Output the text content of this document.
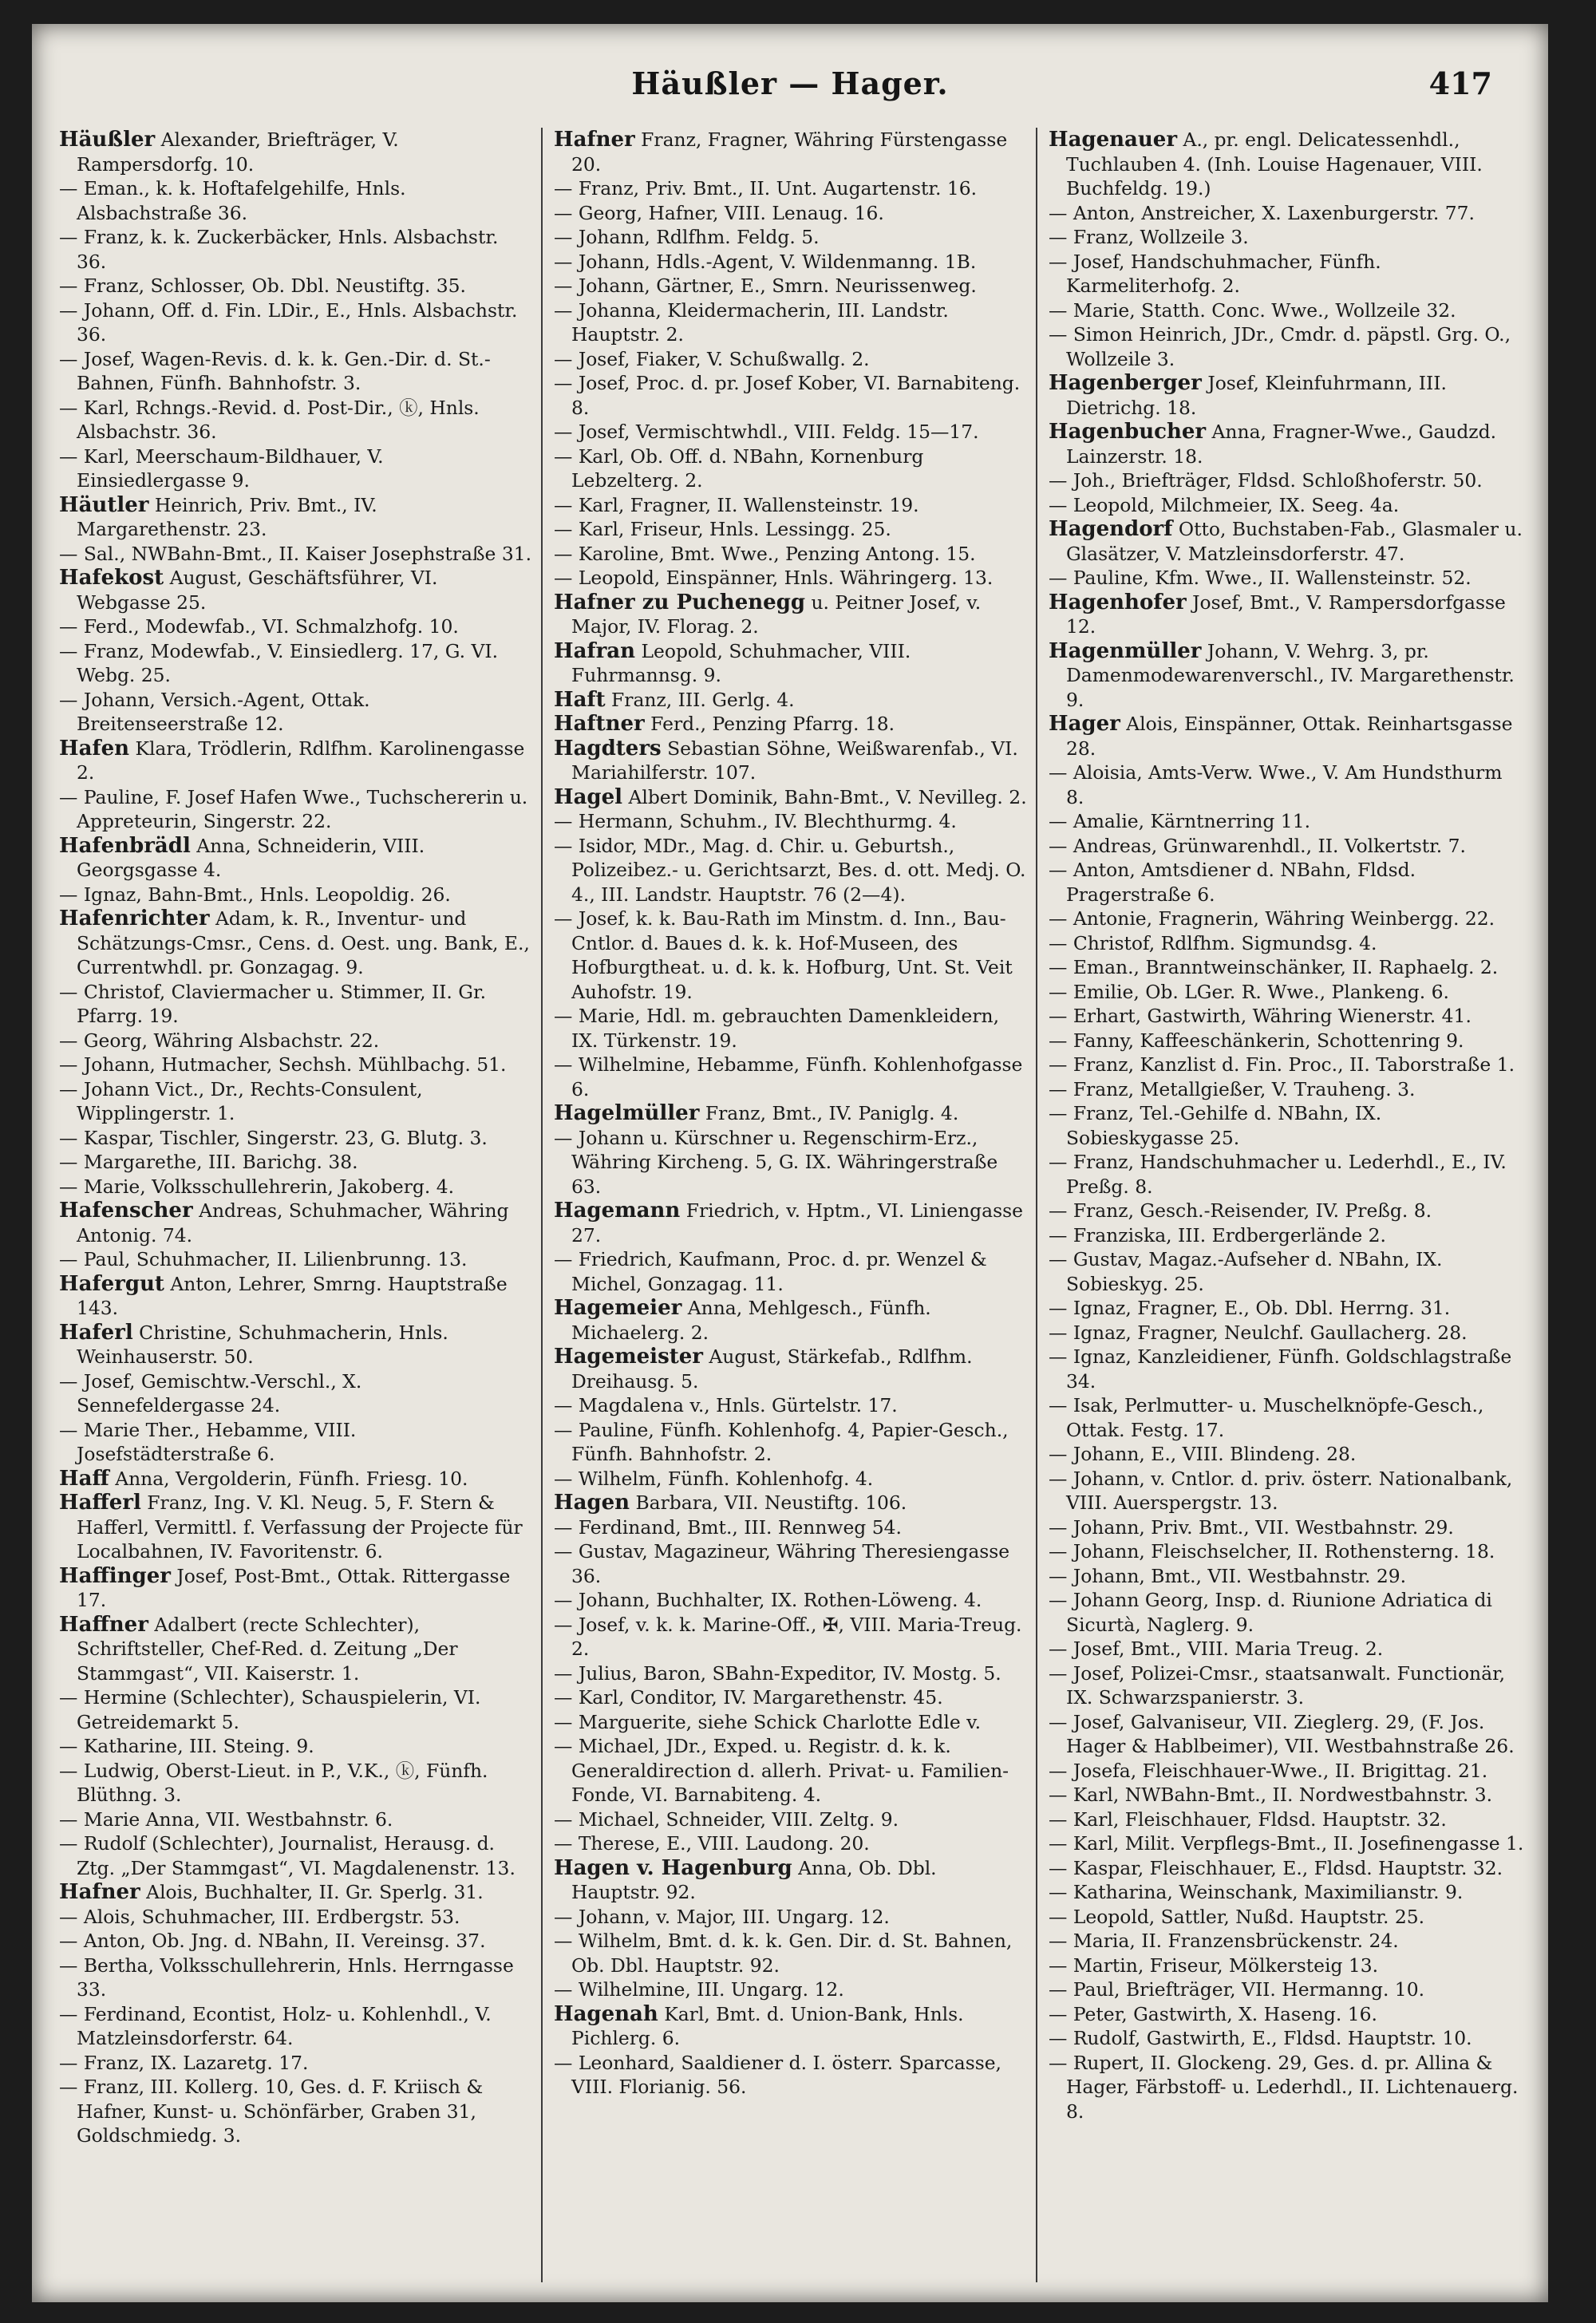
Häußler — Hager.	417
Häußler Alexander, Briefträger, V. Rampersdorfg. 10.
— Eman., k. k. Hoftafelgehilfe, Hnls. Alsbachstraße 36.
— Franz, k. k. Zuckerbäcker, Hnls. Alsbachstr. 36.
— Franz, Schlosser, Ob. Dbl. Neustiftg. 35.
— Johann, Off. d. Fin. LDir., E., Hnls. Alsbachstr. 36.
— Josef, Wagen-Revis. d. k. k. Gen.-Dir. d. St.-Bahnen, Fünfh. Bahnhofstr. 3.
— Karl, Rchngs.-Revid. d. Post-Dir., ⓚ, Hnls. Alsbachstr. 36.
— Karl, Meerschaum-Bildhauer, V. Einsiedlergasse 9.
Häutler Heinrich, Priv. Bmt., IV. Margarethenstr. 23.
— Sal., NWBahn-Bmt., II. Kaiser Josephstraße 31.
Hafekost August, Geschäftsführer, VI. Webgasse 25.
— Ferd., Modewfab., VI. Schmalzhofg. 10.
— Franz, Modewfab., V. Einsiedlerg. 17, G. VI. Webg. 25.
— Johann, Versich.-Agent, Ottak. Breitenseerstraße 12.
Hafen Klara, Trödlerin, Rdlfhm. Karolinengasse 2.
— Pauline, F. Josef Hafen Wwe., Tuchschererin u. Appreteurin, Singerstr. 22.
Hafenbrädl Anna, Schneiderin, VIII. Georgsgasse 4.
— Ignaz, Bahn-Bmt., Hnls. Leopoldig. 26.
Hafenrichter Adam, k. R., Inventur- und Schätzungs-Cmsr., Cens. d. Oest. ung. Bank, E., Currentwhdl. pr. Gonzagag. 9.
— Christof, Claviermacher u. Stimmer, II. Gr. Pfarrg. 19.
— Georg, Währing Alsbachstr. 22.
— Johann, Hutmacher, Sechsh. Mühlbachg. 51.
— Johann Vict., Dr., Rechts-Consulent, Wipplingerstr. 1.
— Kaspar, Tischler, Singerstr. 23, G. Blutg. 3.
— Margarethe, III. Barichg. 38.
— Marie, Volksschullehrerin, Jakoberg. 4.
Hafenscher Andreas, Schuhmacher, Währing Antonig. 74.
— Paul, Schuhmacher, II. Lilienbrunng. 13.
Hafergut Anton, Lehrer, Smrng. Hauptstraße 143.
Haferl Christine, Schuhmacherin, Hnls. Weinhauserstr. 50.
— Josef, Gemischtw.-Verschl., X. Sennefeldergasse 24.
— Marie Ther., Hebamme, VIII. Josefstädterstraße 6.
Haff Anna, Vergolderin, Fünfh. Friesg. 10.
Hafferl Franz, Ing. V. Kl. Neug. 5, F. Stern & Hafferl, Vermittl. f. Verfassung der Projecte für Localbahnen, IV. Favoritenstr. 6.
Haffinger Josef, Post-Bmt., Ottak. Rittergasse 17.
Haffner Adalbert (recte Schlechter), Schriftsteller, Chef-Red. d. Zeitung „Der Stammgast“, VII. Kaiserstr. 1.
— Hermine (Schlechter), Schauspielerin, VI. Getreidemarkt 5.
— Katharine, III. Steing. 9.
— Ludwig, Oberst-Lieut. in P., V.K., ⓚ, Fünfh. Blüthng. 3.
— Marie Anna, VII. Westbahnstr. 6.
— Rudolf (Schlechter), Journalist, Herausg. d. Ztg. „Der Stammgast“, VI. Magdalenenstr. 13.
Hafner Alois, Buchhalter, II. Gr. Sperlg. 31.
— Alois, Schuhmacher, III. Erdbergstr. 53.
— Anton, Ob. Jng. d. NBahn, II. Vereinsg. 37.
— Bertha, Volksschullehrerin, Hnls. Herrngasse 33.
— Ferdinand, Econtist, Holz- u. Kohlenhdl., V. Matzleinsdorferstr. 64.
— Franz, IX. Lazaretg. 17.
— Franz, III. Kollerg. 10, Ges. d. F. Kriisch & Hafner, Kunst- u. Schönfärber, Graben 31, Goldschmiedg. 3.
Hafner Franz, Fragner, Währing Fürstengasse 20.
— Franz, Priv. Bmt., II. Unt. Augartenstr. 16.
— Georg, Hafner, VIII. Lenaug. 16.
— Johann, Rdlfhm. Feldg. 5.
— Johann, Hdls.-Agent, V. Wildenmanng. 1B.
— Johann, Gärtner, E., Smrn. Neurissenweg.
— Johanna, Kleidermacherin, III. Landstr. Hauptstr. 2.
— Josef, Fiaker, V. Schußwallg. 2.
— Josef, Proc. d. pr. Josef Kober, VI. Barnabiteng. 8.
— Josef, Vermischtwhdl., VIII. Feldg. 15—17.
— Karl, Ob. Off. d. NBahn, Kornenburg Lebzelterg. 2.
— Karl, Fragner, II. Wallensteinstr. 19.
— Karl, Friseur, Hnls. Lessingg. 25.
— Karoline, Bmt. Wwe., Penzing Antong. 15.
— Leopold, Einspänner, Hnls. Währingerg. 13.
Hafner zu Puchenegg u. Peitner Josef, v. Major, IV. Florag. 2.
Hafran Leopold, Schuhmacher, VIII. Fuhrmannsg. 9.
Haft Franz, III. Gerlg. 4.
Haftner Ferd., Penzing Pfarrg. 18.
Hagdters Sebastian Söhne, Weißwarenfab., VI. Mariahilferstr. 107.
Hagel Albert Dominik, Bahn-Bmt., V. Nevilleg. 2.
— Hermann, Schuhm., IV. Blechthurmg. 4.
— Isidor, MDr., Mag. d. Chir. u. Geburtsh., Polizeibez.- u. Gerichtsarzt, Bes. d. ott. Medj. O. 4., III. Landstr. Hauptstr. 76 (2—4).
— Josef, k. k. Bau-Rath im Minstm. d. Inn., Bau-Cntlor. d. Baues d. k. k. Hof-Museen, des Hofburgtheat. u. d. k. k. Hofburg, Unt. St. Veit Auhofstr. 19.
— Marie, Hdl. m. gebrauchten Damenkleidern, IX. Türkenstr. 19.
— Wilhelmine, Hebamme, Fünfh. Kohlenhofgasse 6.
Hagelmüller Franz, Bmt., IV. Paniglg. 4.
— Johann u. Kürschner u. Regenschirm-Erz., Währing Kircheng. 5, G. IX. Währingerstraße 63.
Hagemann Friedrich, v. Hptm., VI. Liniengasse 27.
— Friedrich, Kaufmann, Proc. d. pr. Wenzel & Michel, Gonzagag. 11.
Hagemeier Anna, Mehlgesch., Fünfh. Michaelerg. 2.
Hagemeister August, Stärkefab., Rdlfhm. Dreihausg. 5.
— Magdalena v., Hnls. Gürtelstr. 17.
— Pauline, Fünfh. Kohlenhofg. 4, Papier-Gesch., Fünfh. Bahnhofstr. 2.
— Wilhelm, Fünfh. Kohlenhofg. 4.
Hagen Barbara, VII. Neustiftg. 106.
— Ferdinand, Bmt., III. Rennweg 54.
— Gustav, Magazineur, Währing Theresiengasse 36.
— Johann, Buchhalter, IX. Rothen-Löweng. 4.
— Josef, v. k. k. Marine-Off., ✠, VIII. Maria-Treug. 2.
— Julius, Baron, SBahn-Expeditor, IV. Mostg. 5.
— Karl, Conditor, IV. Margarethenstr. 45.
— Marguerite, siehe Schick Charlotte Edle v.
— Michael, JDr., Exped. u. Registr. d. k. k. Generaldirection d. allerh. Privat- u. Familien-Fonde, VI. Barnabiteng. 4.
— Michael, Schneider, VIII. Zeltg. 9.
— Therese, E., VIII. Laudong. 20.
Hagen v. Hagenburg Anna, Ob. Dbl. Hauptstr. 92.
— Johann, v. Major, III. Ungarg. 12.
— Wilhelm, Bmt. d. k. k. Gen. Dir. d. St. Bahnen, Ob. Dbl. Hauptstr. 92.
— Wilhelmine, III. Ungarg. 12.
Hagenah Karl, Bmt. d. Union-Bank, Hnls. Pichlerg. 6.
— Leonhard, Saaldiener d. I. österr. Sparcasse, VIII. Florianig. 56.
Hagenauer A., pr. engl. Delicatessenhdl., Tuchlauben 4. (Inh. Louise Hagenauer, VIII. Buchfeldg. 19.)
— Anton, Anstreicher, X. Laxenburgerstr. 77.
— Franz, Wollzeile 3.
— Josef, Handschuhmacher, Fünfh. Karmeliterhofg. 2.
— Marie, Statth. Conc. Wwe., Wollzeile 32.
— Simon Heinrich, JDr., Cmdr. d. päpstl. Grg. O., Wollzeile 3.
Hagenberger Josef, Kleinfuhrmann, III. Dietrichg. 18.
Hagenbucher Anna, Fragner-Wwe., Gaudzd. Lainzerstr. 18.
— Joh., Briefträger, Fldsd. Schloßhoferstr. 50.
— Leopold, Milchmeier, IX. Seeg. 4a.
Hagendorf Otto, Buchstaben-Fab., Glasmaler u. Glasätzer, V. Matzleinsdorferstr. 47.
— Pauline, Kfm. Wwe., II. Wallensteinstr. 52.
Hagenhofer Josef, Bmt., V. Rampersdorfgasse 12.
Hagenmüller Johann, V. Wehrg. 3, pr. Damenmodewarenverschl., IV. Margarethenstr. 9.
Hager Alois, Einspänner, Ottak. Reinhartsgasse 28.
— Aloisia, Amts-Verw. Wwe., V. Am Hundsthurm 8.
— Amalie, Kärntnerring 11.
— Andreas, Grünwarenhdl., II. Volkertstr. 7.
— Anton, Amtsdiener d. NBahn, Fldsd. Pragerstraße 6.
— Antonie, Fragnerin, Währing Weinbergg. 22.
— Christof, Rdlfhm. Sigmundsg. 4.
— Eman., Branntweinschänker, II. Raphaelg. 2.
— Emilie, Ob. LGer. R. Wwe., Plankeng. 6.
— Erhart, Gastwirth, Währing Wienerstr. 41.
— Fanny, Kaffeeschänkerin, Schottenring 9.
— Franz, Kanzlist d. Fin. Proc., II. Taborstraße 1.
— Franz, Metallgießer, V. Trauheng. 3.
— Franz, Tel.-Gehilfe d. NBahn, IX. Sobieskygasse 25.
— Franz, Handschuhmacher u. Lederhdl., E., IV. Preßg. 8.
— Franz, Gesch.-Reisender, IV. Preßg. 8.
— Franziska, III. Erdbergerlände 2.
— Gustav, Magaz.-Aufseher d. NBahn, IX. Sobieskyg. 25.
— Ignaz, Fragner, E., Ob. Dbl. Herrng. 31.
— Ignaz, Fragner, Neulchf. Gaullacherg. 28.
— Ignaz, Kanzleidiener, Fünfh. Goldschlagstraße 34.
— Isak, Perlmutter- u. Muschelknöpfe-Gesch., Ottak. Festg. 17.
— Johann, E., VIII. Blindeng. 28.
— Johann, v. Cntlor. d. priv. österr. Nationalbank, VIII. Auerspergstr. 13.
— Johann, Priv. Bmt., VII. Westbahnstr. 29.
— Johann, Fleischselcher, II. Rothensterng. 18.
— Johann, Bmt., VII. Westbahnstr. 29.
— Johann Georg, Insp. d. Riunione Adriatica di Sicurtà, Naglerg. 9.
— Josef, Bmt., VIII. Maria Treug. 2.
— Josef, Polizei-Cmsr., staatsanwalt. Functionär, IX. Schwarzspanierstr. 3.
— Josef, Galvaniseur, VII. Zieglerg. 29, (F. Jos. Hager & Hablbeimer), VII. Westbahnstraße 26.
— Josefa, Fleischhauer-Wwe., II. Brigittag. 21.
— Karl, NWBahn-Bmt., II. Nordwestbahnstr. 3.
— Karl, Fleischhauer, Fldsd. Hauptstr. 32.
— Karl, Milit. Verpflegs-Bmt., II. Josefinengasse 1.
— Kaspar, Fleischhauer, E., Fldsd. Hauptstr. 32.
— Katharina, Weinschank, Maximilianstr. 9.
— Leopold, Sattler, Nußd. Hauptstr. 25.
— Maria, II. Franzensbrückenstr. 24.
— Martin, Friseur, Mölkersteig 13.
— Paul, Briefträger, VII. Hermanng. 10.
— Peter, Gastwirth, X. Haseng. 16.
— Rudolf, Gastwirth, E., Fldsd. Hauptstr. 10.
— Rupert, II. Glockeng. 29, Ges. d. pr. Allina & Hager, Färbstoff- u. Lederhdl., II. Lichtenauerg. 8.
